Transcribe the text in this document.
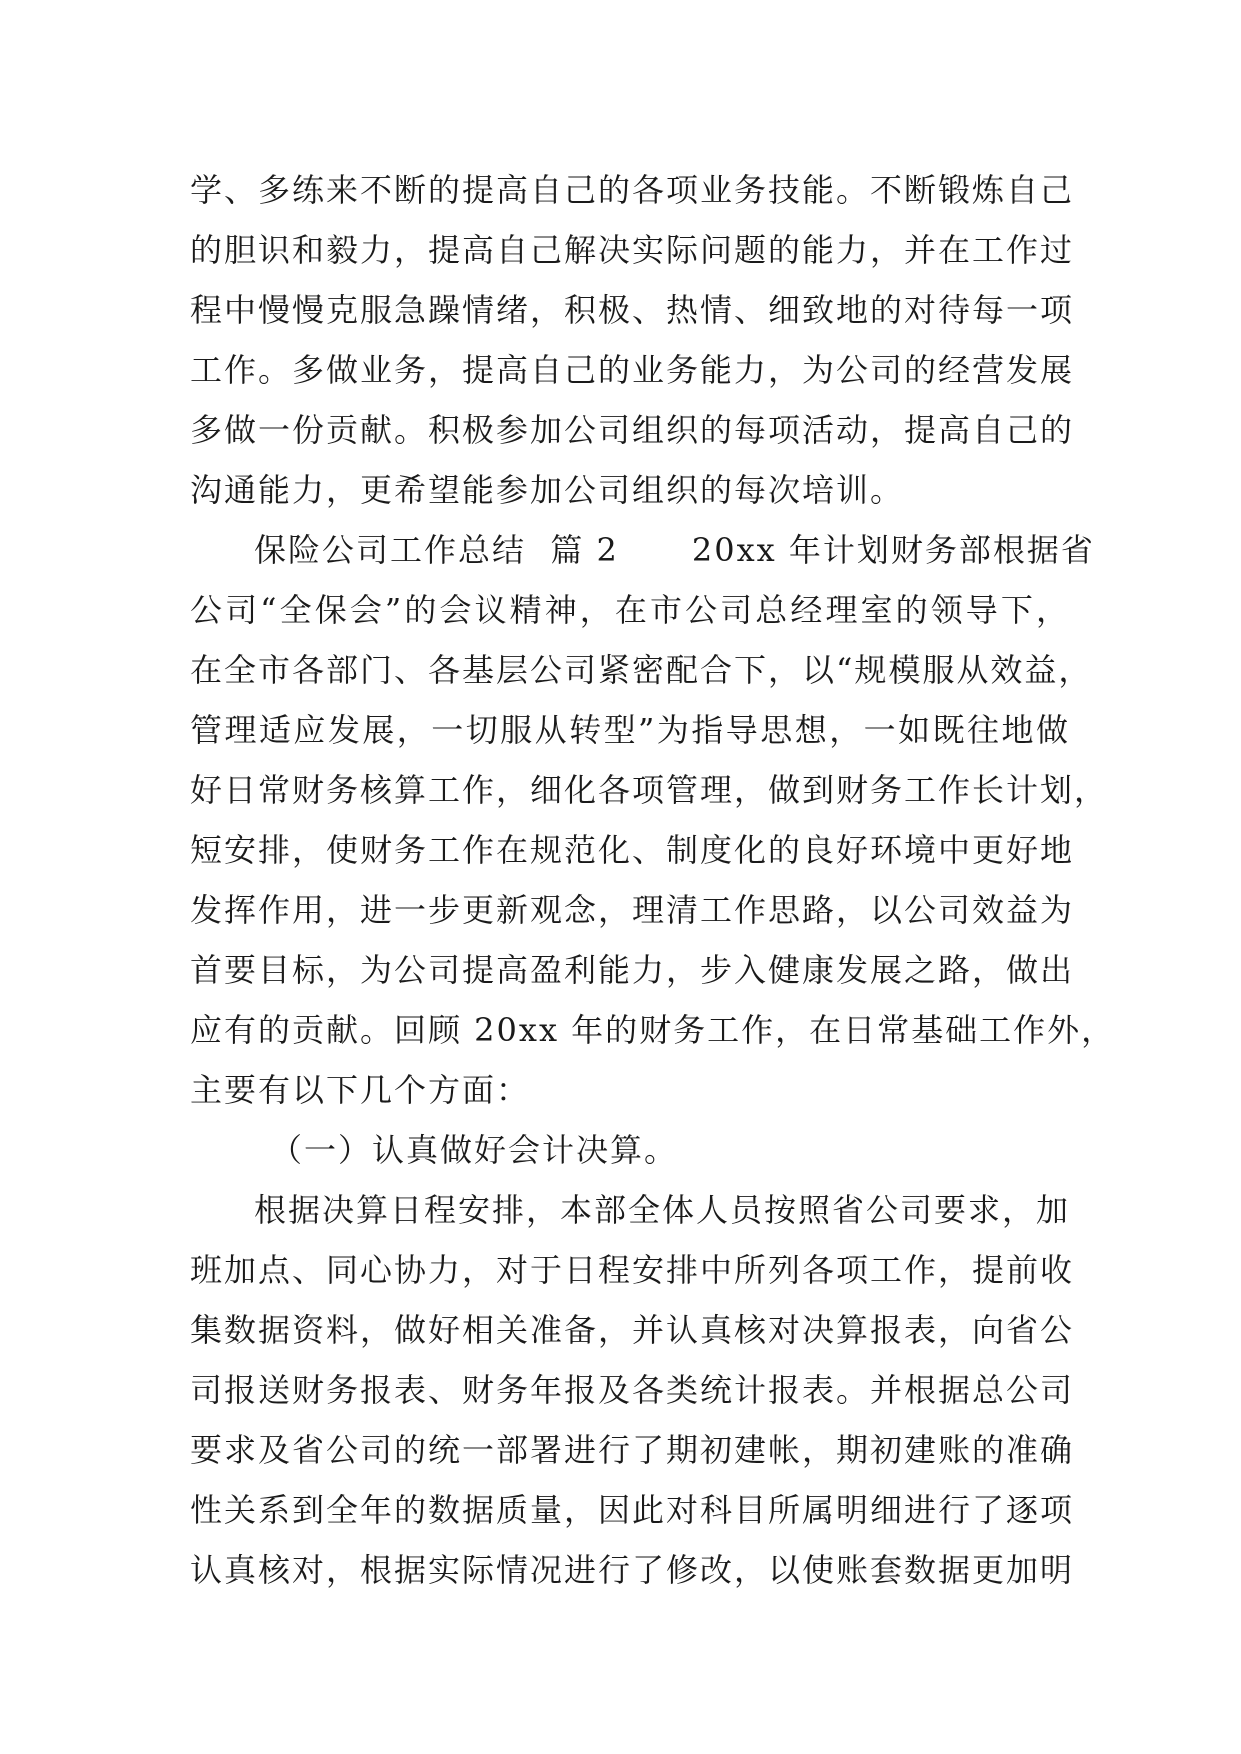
学、多练来不断的提高自己的各项业务技能。不断锻炼自己
的胆识和毅力，提高自己解决实际问题的能力，并在工作过
程中慢慢克服急躁情绪，积极、热情、细致地的对待每一项
工作。多做业务，提高自己的业务能力，为公司的经营发展
多做一份贡献。积极参加公司组织的每项活动，提高自己的
沟通能力，更希望能参加公司组织的每次培训。
保险公司工作总结  篇 2      20xx 年计划财务部根据省
公司“全保会”的会议精神，在市公司总经理室的领导下，
在全市各部门、各基层公司紧密配合下，以“规模服从效益，
管理适应发展，一切服从转型”为指导思想，一如既往地做
好日常财务核算工作，细化各项管理，做到财务工作长计划，
短安排，使财务工作在规范化、制度化的良好环境中更好地
发挥作用，进一步更新观念，理清工作思路，以公司效益为
首要目标，为公司提高盈利能力，步入健康发展之路，做出
应有的贡献。回顾 20xx 年的财务工作，在日常基础工作外，
主要有以下几个方面：
（一）认真做好会计决算。
根据决算日程安排，本部全体人员按照省公司要求，加
班加点、同心协力，对于日程安排中所列各项工作，提前收
集数据资料，做好相关准备，并认真核对决算报表，向省公
司报送财务报表、财务年报及各类统计报表。并根据总公司
要求及省公司的统一部署进行了期初建帐，期初建账的准确
性关系到全年的数据质量，因此对科目所属明细进行了逐项
认真核对，根据实际情况进行了修改，以使账套数据更加明
